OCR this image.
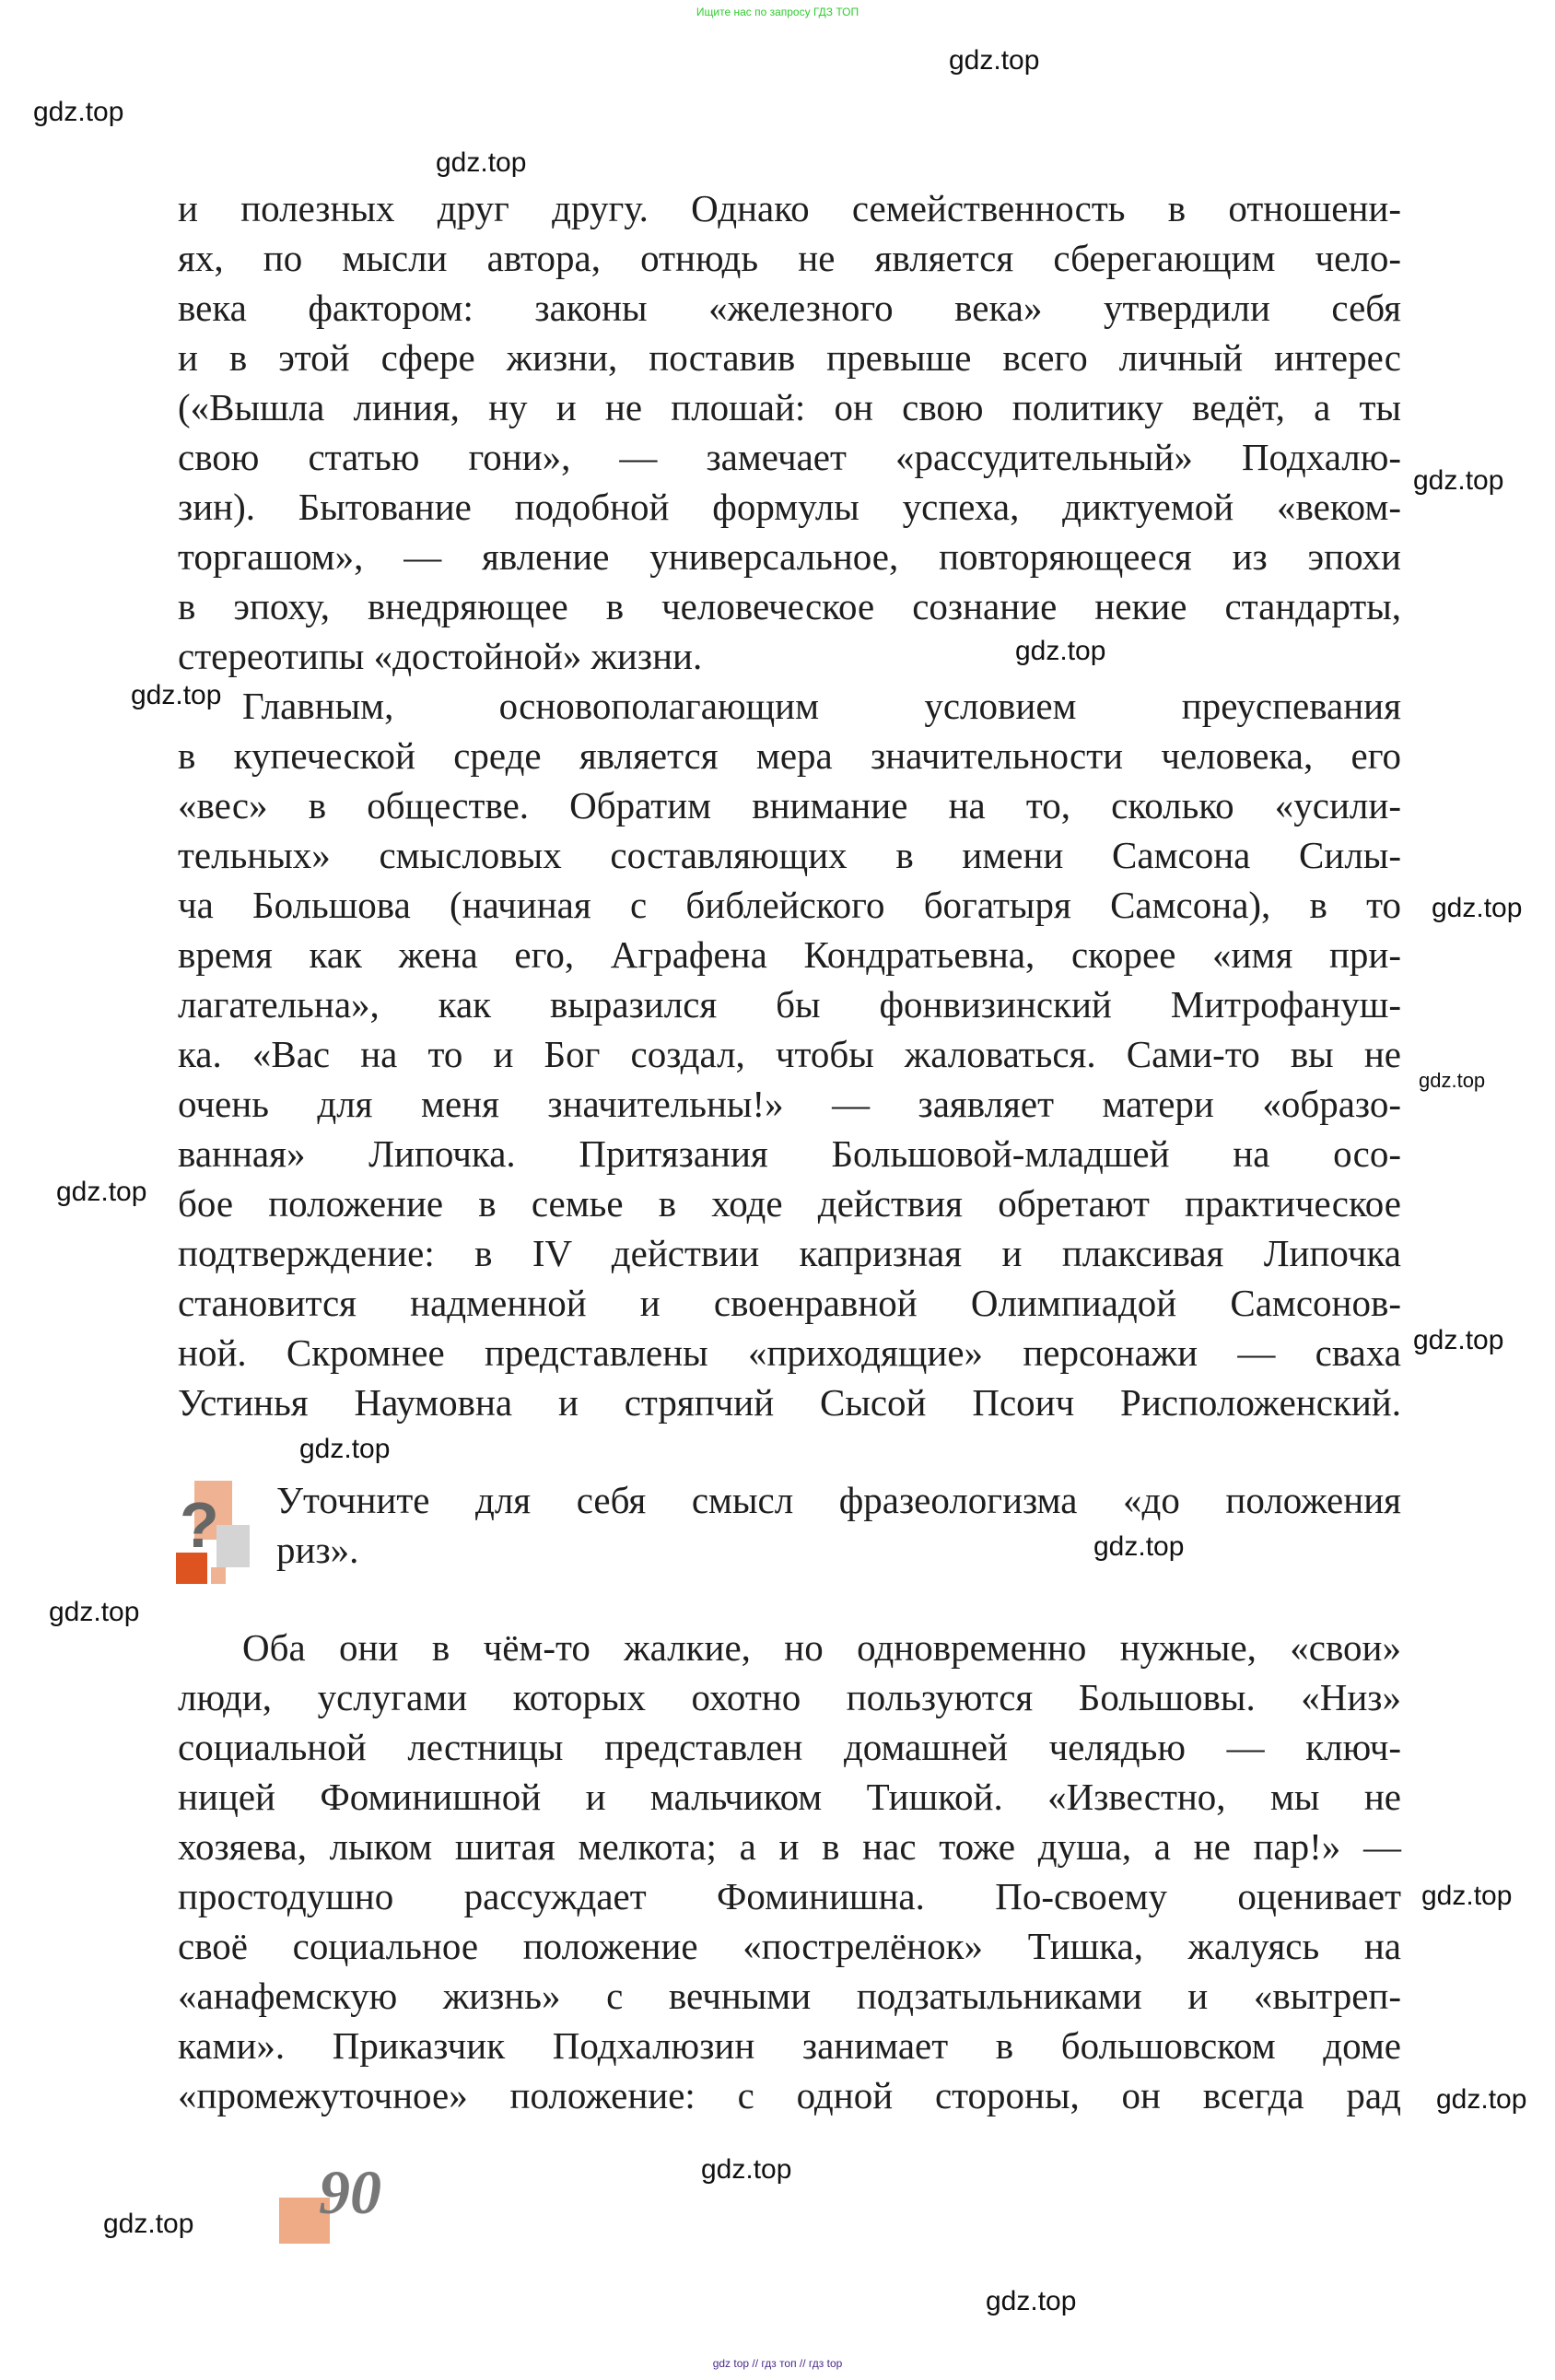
Ищите нас по запросу ГДЗ ТОП
и полезных друг другу. Однако семейственность в отношени-
ях, по мысли автора, отнюдь не является сберегающим чело-
века фактором: законы «железного века» утвердили себя
и в этой сфере жизни, поставив превыше всего личный интерес
(«Вышла линия, ну и не плошай: он свою политику ведёт, а ты
свою статью гони», — замечает «рассудительный» Подхалю-
зин). Бытование подобной формулы успеха, диктуемой «веком-
торгашом», — явление универсальное, повторяющееся из эпохи
в эпоху, внедряющее в человеческое сознание некие стандарты,
стереотипы «достойной» жизни.
Главным, основополагающим условием преуспевания
в купеческой среде является мера значительности человека, его
«вес» в обществе. Обратим внимание на то, сколько «усили-
тельных» смысловых составляющих в имени Самсона Силы-
ча Большова (начиная с библейского богатыря Самсона), в то
время как жена его, Аграфена Кондратьевна, скорее «имя при-
лагательна», как выразился бы фонвизинский Митрофануш-
ка. «Вас на то и Бог создал, чтобы жаловаться. Сами-то вы не
очень для меня значительны!» — заявляет матери «образо-
ванная» Липочка. Притязания Большовой-младшей на осо-
бое положение в семье в ходе действия обретают практическое
подтверждение: в IV действии капризная и плаксивая Липочка
становится надменной и своенравной Олимпиадой Самсонов-
ной. Скромнее представлены «приходящие» персонажи — сваха
Устинья Наумовна и стряпчий Сысой Псоич Рисположенский.
? Уточните для себя смысл фразеологизма «до положения
риз».
Оба они в чём-то жалкие, но одновременно нужные, «свои»
люди, услугами которых охотно пользуются Большовы. «Низ»
социальной лестницы представлен домашней челядью — ключ-
ницей Фоминишной и мальчиком Тишкой. «Известно, мы не
хозяева, лыком шитая мелкота; а и в нас тоже душа, а не пар!» —
простодушно рассуждает Фоминишна. По-своему оценивает
своё социальное положение «пострелёнок» Тишка, жалуясь на
«анафемскую жизнь» с вечными подзатыльниками и «вытреп-
ками». Приказчик Подхалюзин занимает в большовском доме
«промежуточное» положение: с одной стороны, он всегда рад
90
gdz.top
gdz.top
gdz.top
gdz.top
gdz.top
gdz.top
gdz.top
gdz.top
gdz.top
gdz.top
gdz.top
gdz.top
gdz.top
gdz.top
gdz.top
gdz.top
gdz.top
gdz.top
gdz top // гдз топ // гдз top
